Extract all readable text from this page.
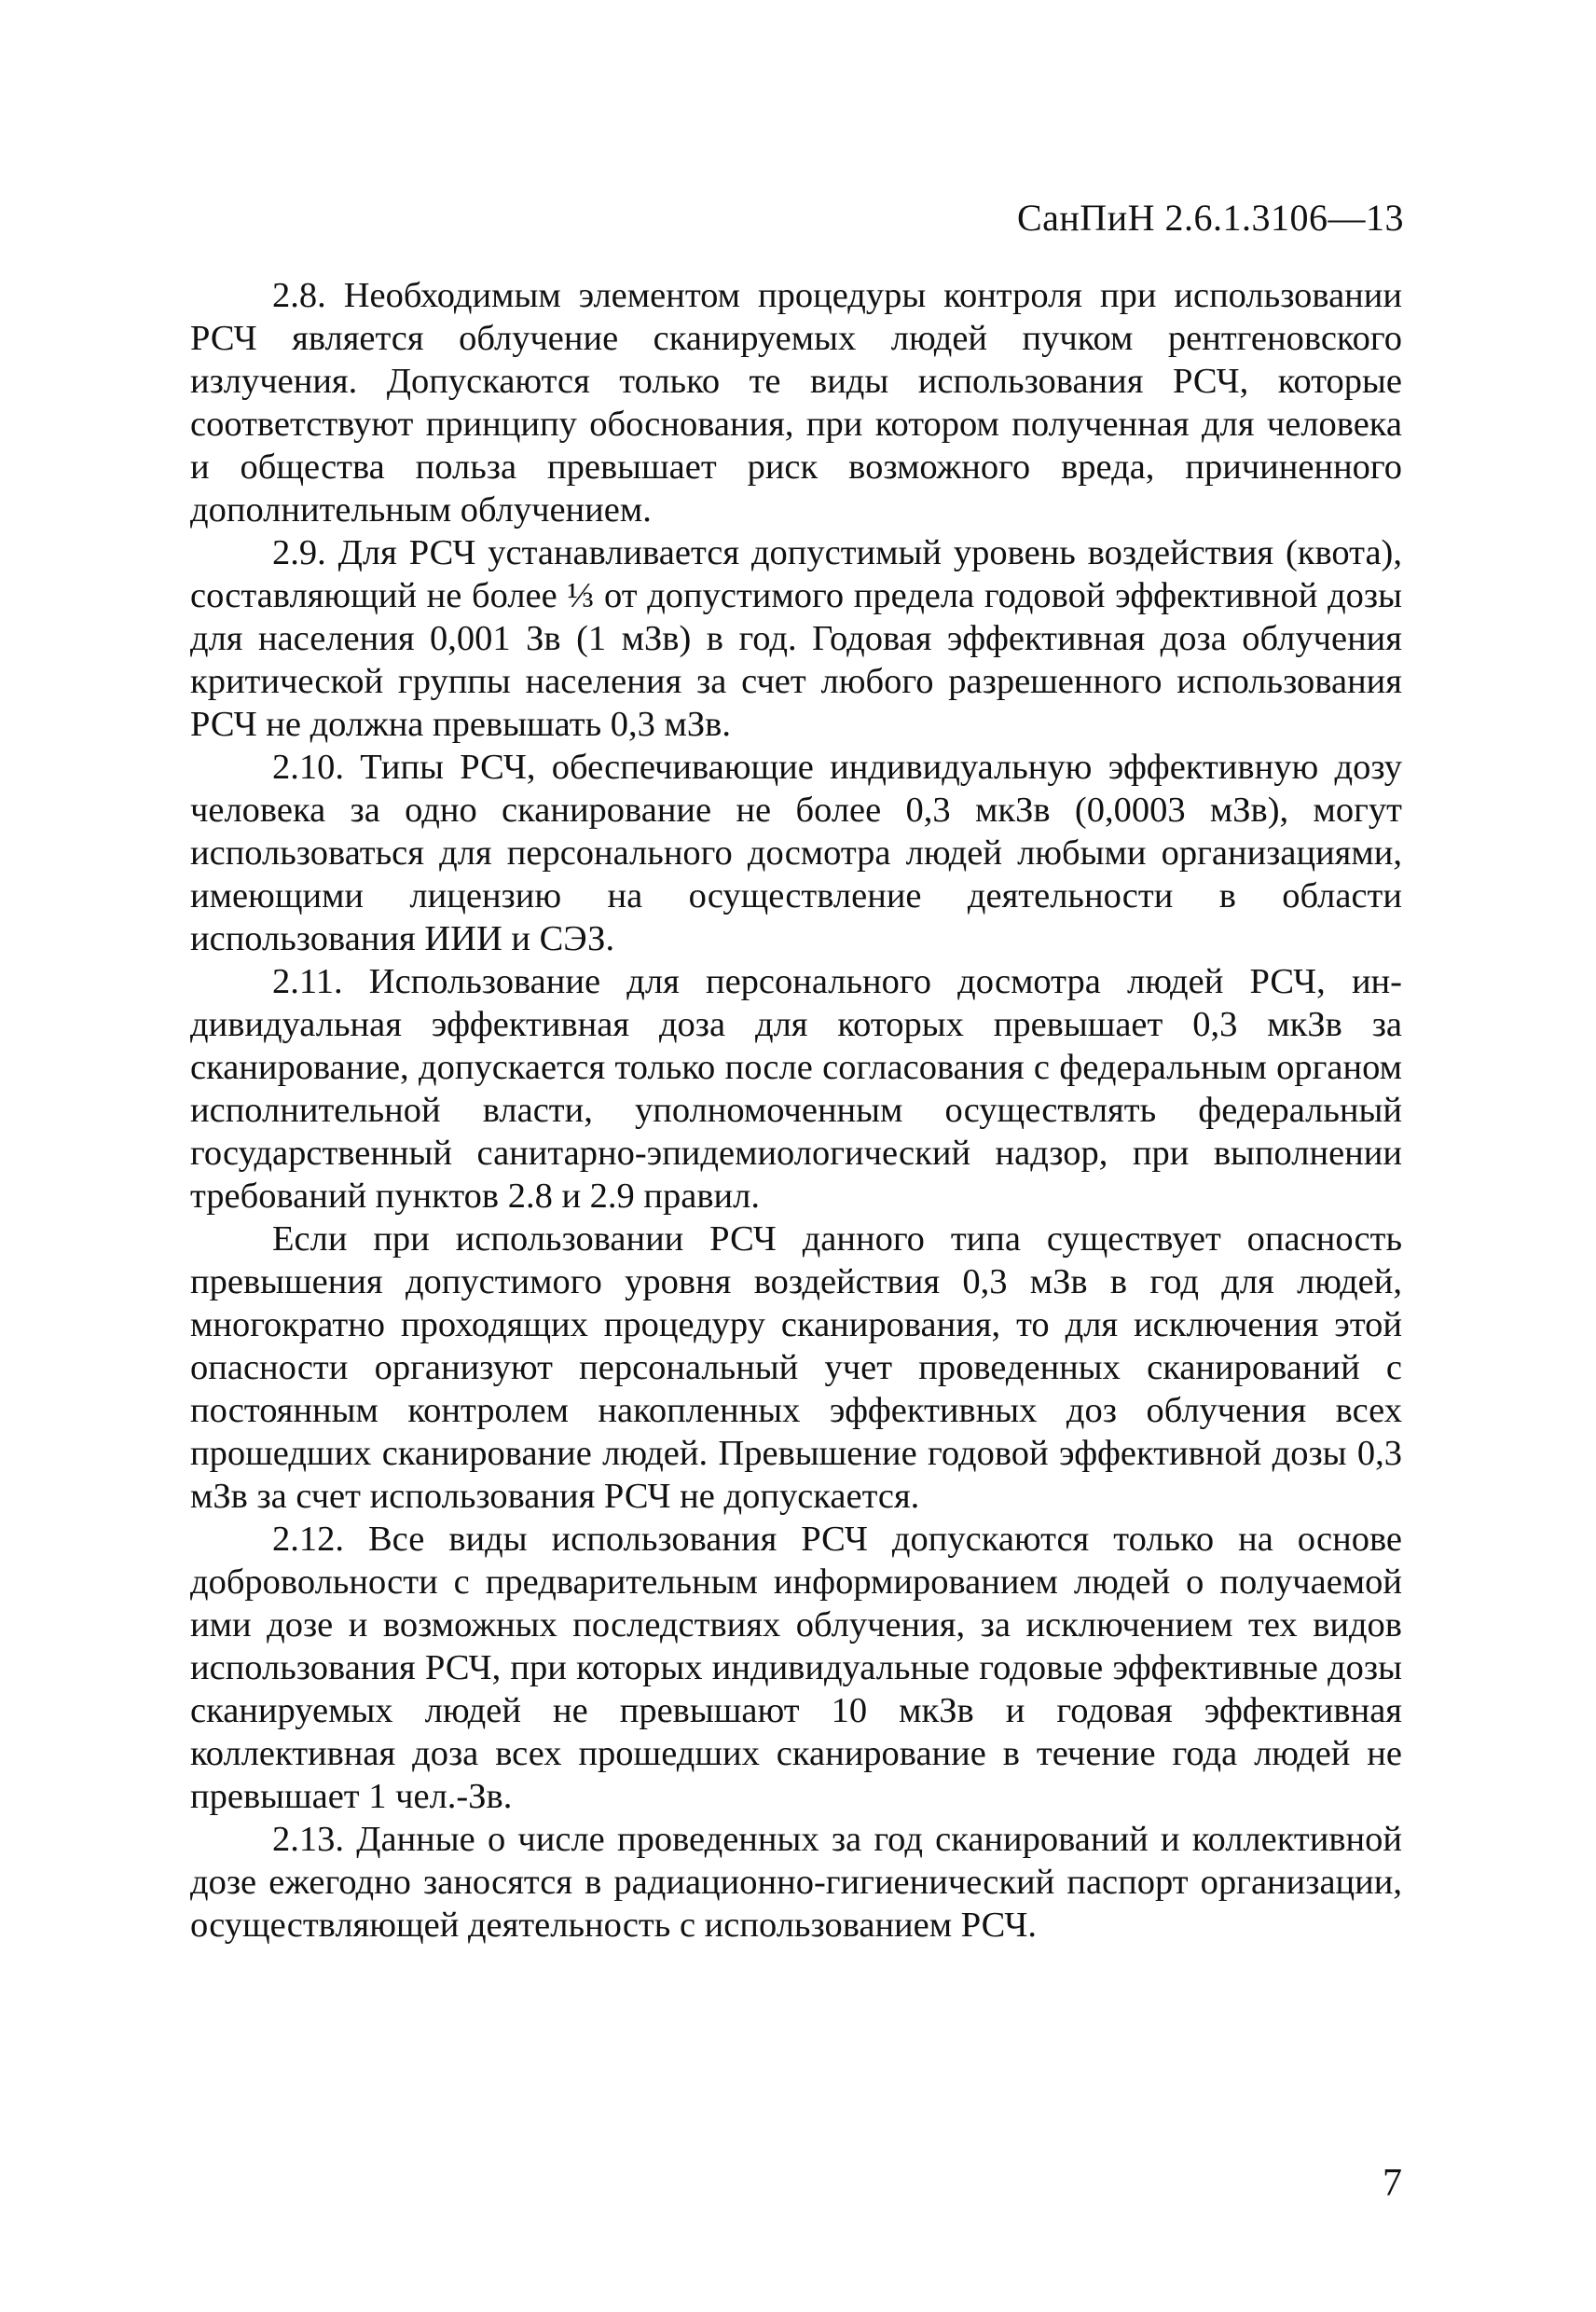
СанПиН 2.6.1.3106—13

2.8. Необходимым элементом процедуры контроля при использовании РСЧ является облучение сканируемых людей пучком рентгеновского излучения. Допускаются только те виды использования РСЧ, которые соответствуют принципу обоснования, при котором полученная для человека и общества польза превышает риск возможного вреда, причиненного дополнительным облучением.

2.9. Для РСЧ устанавливается допустимый уровень воздействия (квота), составляющий не более ⅓ от допустимого предела годовой эффективной дозы для населения 0,001 Зв (1 мЗв) в год. Годовая эффективная доза облучения критической группы населения за счет любого разрешенного использования РСЧ не должна превышать 0,3 мЗв.

2.10. Типы РСЧ, обеспечивающие индивидуальную эффективную дозу человека за одно сканирование не более 0,3 мкЗв (0,0003 мЗв), могут использоваться для персонального досмотра людей любыми организациями, имеющими лицензию на осуществление деятельности в области использования ИИИ и СЭЗ.

2.11. Использование для персонального досмотра людей РСЧ, индивидуальная эффективная доза для которых превышает 0,3 мкЗв за сканирование, допускается только после согласования с федеральным органом исполнительной власти, уполномоченным осуществлять федеральный государственный санитарно-эпидемиологический надзор, при выполнении требований пунктов 2.8 и 2.9 правил.

Если при использовании РСЧ данного типа существует опасность превышения допустимого уровня воздействия 0,3 мЗв в год для людей, многократно проходящих процедуру сканирования, то для исключения этой опасности организуют персональный учет проведенных сканирований с постоянным контролем накопленных эффективных доз облучения всех прошедших сканирование людей. Превышение годовой эффективной дозы 0,3 мЗв за счет использования РСЧ не допускается.

2.12. Все виды использования РСЧ допускаются только на основе добровольности с предварительным информированием людей о получаемой ими дозе и возможных последствиях облучения, за исключением тех видов использования РСЧ, при которых индивидуальные годовые эффективные дозы сканируемых людей не превышают 10 мкЗв и годовая эффективная коллективная доза всех прошедших сканирование в течение года людей не превышает 1 чел.-Зв.

2.13. Данные о числе проведенных за год сканирований и коллективной дозе ежегодно заносятся в радиационно-гигиенический паспорт организации, осуществляющей деятельность с использованием РСЧ.

7
